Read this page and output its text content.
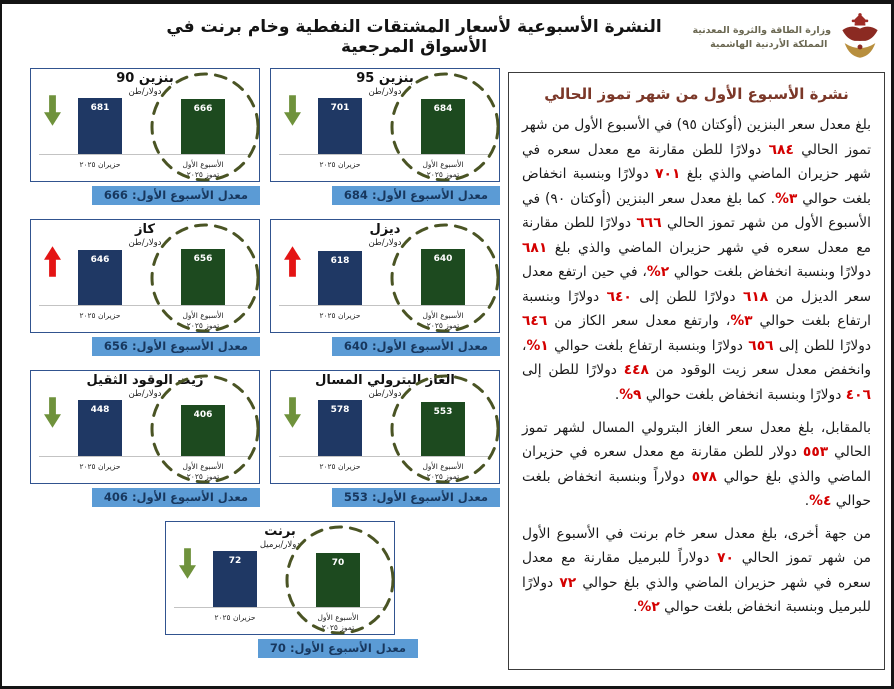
النشرة الأسبوعية لأسعار المشتقات النفطية وخام برنت في الأسواق المرجعية
وزارة الطاقة والثروة المعدنية
المملكة الأردنية الهاشمية
بنزين 90
دولار/طن
681	666
حزيران ٢٠٢٥	الأسبوع الأول
تموز ٢٠٢٥
معدل الأسبوع الأول: 666
بنزين 95
دولار/طن
701	684
حزيران ٢٠٢٥	الأسبوع الأول
تموز ٢٠٢٥
معدل الأسبوع الأول: 684
كاز
دولار/طن
646	656
حزيران ٢٠٢٥	الأسبوع الأول
تموز ٢٠٢٥
معدل الأسبوع الأول: 656
ديزل
دولار/طن
618	640
حزيران ٢٠٢٥	الأسبوع الأول
تموز ٢٠٢٥
معدل الأسبوع الأول: 640
زيت الوقود الثقيل
دولار/طن
448	406
حزيران ٢٠٢٥	الأسبوع الأول
تموز ٢٠٢٥
معدل الأسبوع الأول: 406
الغاز البترولي المسال
دولار/طن
578	553
حزيران ٢٠٢٥	الأسبوع الأول
تموز ٢٠٢٥
معدل الأسبوع الأول: 553
برنت
دولار/برميل
72	70
حزيران ٢٠٢٥	الأسبوع الأول
تموز ٢٠٢٥
معدل الأسبوع الأول: 70
نشرة الأسبوع الأول من شهر تموز الحالي

بلغ معدل سعر البنزين (أوكتان ٩٥) في الأسبوع الأول من شهر تموز الحالي ٦٨٤ دولارًا للطن مقارنة مع معدل سعره في شهر حزيران الماضي والذي بلغ ٧٠١ دولارًا وبنسبة انخفاض بلغت حوالي ٣%. كما بلغ معدل سعر البنزين (أوكتان ٩٠) في الأسبوع الأول من شهر تموز الحالي ٦٦٦ دولارًا للطن مقارنة مع معدل سعره في شهر حزيران الماضي والذي بلغ ٦٨١ دولارًا وبنسبة انخفاض بلغت حوالي ٢%، في حين ارتفع معدل سعر الديزل من ٦١٨ دولارًا للطن إلى ٦٤٠ دولارًا وبنسبة ارتفاع بلغت حوالي ٣%، وارتفع معدل سعر الكاز من ٦٤٦ دولارًا للطن إلى ٦٥٦ دولارًا وبنسبة ارتفاع بلغت حوالي ١%، وانخفض معدل سعر زيت الوقود من ٤٤٨ دولارًا للطن إلى ٤٠٦ دولارًا وبنسبة انخفاض بلغت حوالي ٩%.

بالمقابل، بلغ معدل سعر الغاز البترولي المسال لشهر تموز الحالي ٥٥٣ دولار للطن مقارنة مع معدل سعره في حزيران الماضي والذي بلغ حوالي ٥٧٨ دولاراً وبنسبة انخفاض بلغت حوالي ٤%.

من جهة أخرى، بلغ معدل سعر خام برنت في الأسبوع الأول من شهر تموز الحالي ٧٠ دولاراً للبرميل مقارنة مع معدل سعره في شهر حزيران الماضي والذي بلغ حوالي ٧٢ دولارًا للبرميل وبنسبة انخفاض بلغت حوالي ٢%.
